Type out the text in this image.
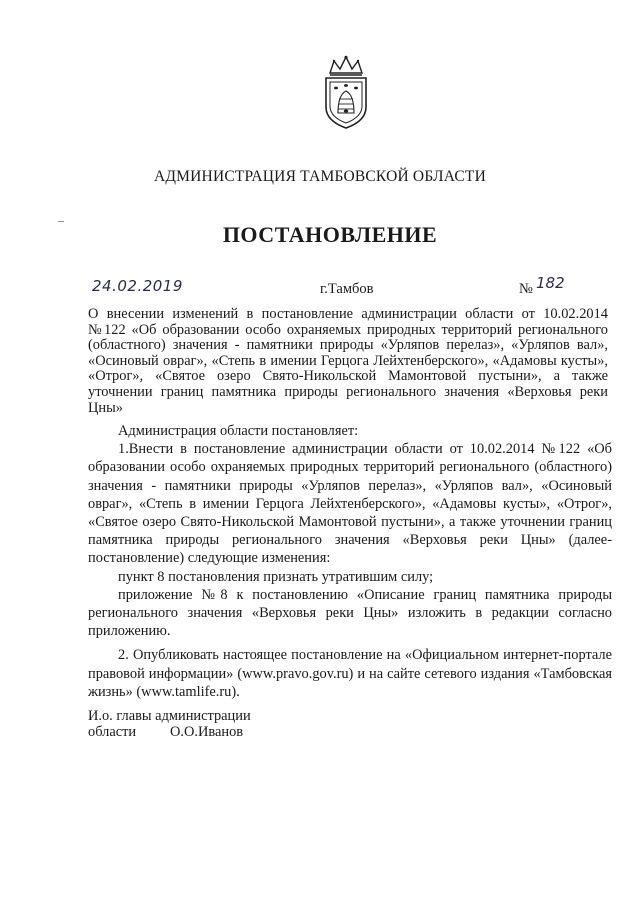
АДМИНИСТРАЦИЯ ТАМБОВСКОЙ ОБЛАСТИ
–
ПОСТАНОВЛЕНИЕ
24.02.2019	г.Тамбов	№ 182
О внесении изменений в постановление администрации области от 10.02.2014 №122 «Об образовании особо охраняемых природных территорий регионального (областного) значения - памятники природы «Урляпов перелаз», «Урляпов вал», «Осиновый овраг», «Степь в имении Герцога Лейхтенберского», «Адамовы кусты», «Отрог», «Святое озеро Свято-Никольской Мамонтовой пустыни», а также уточнении границ памятника природы регионального значения «Верховья реки Цны»

Администрация области постановляет:

1.Внести в постановление администрации области от 10.02.2014 №122 «Об образовании особо охраняемых природных территорий регионального (областного) значения - памятники природы «Урляпов перелаз», «Урляпов вал», «Осиновый овраг», «Степь в имении Герцога Лейхтенберского», «Адамовы кусты», «Отрог», «Святое озеро Свято-Никольской Мамонтовой пустыни», а также уточнении границ памятника природы регионального значения «Верховья реки Цны» (далее- постановление) следующие изменения:

пункт 8 постановления признать утратившим силу;

приложение №8 к постановлению «Описание границ памятника природы регионального значения «Верховья реки Цны» изложить в редакции согласно приложению.

2. Опубликовать настоящее постановление на «Официальном интернет-портале правовой информации» (www.pravo.gov.ru) и на сайте сетевого издания «Тамбовская жизнь» (www.tamlife.ru).

И.о. главы администрации
области	О.О.Иванов
